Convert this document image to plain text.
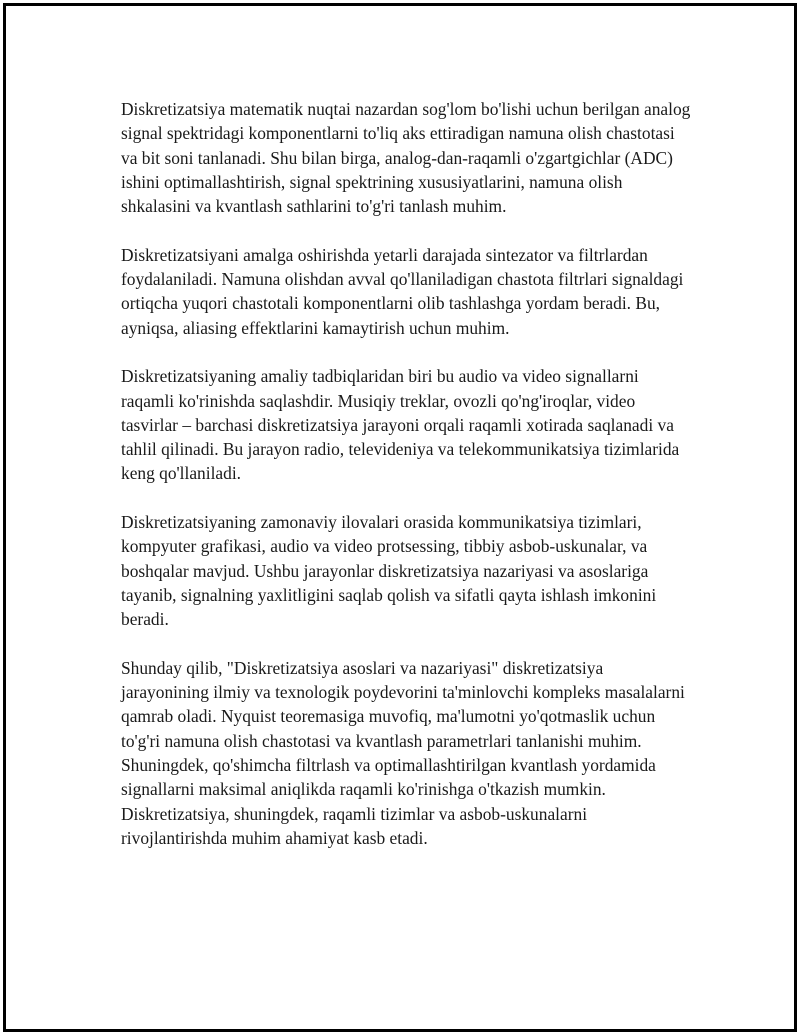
Diskretizatsiya matematik nuqtai nazardan sog'lom bo'lishi uchun berilgan analog signal spektridagi komponentlarni to'liq aks ettiradigan namuna olish chastotasi va bit soni tanlanadi. Shu bilan birga, analog-dan-raqamli o'zgartgichlar (ADC) ishini optimallashtirish, signal spektrining xususiyatlarini, namuna olish shkalasini va kvantlash sathlarini to'g'ri tanlash muhim.

Diskretizatsiyani amalga oshirishda yetarli darajada sintezator va filtrlardan foydalaniladi. Namuna olishdan avval qo'llaniladigan chastota filtrlari signaldagi ortiqcha yuqori chastotali komponentlarni olib tashlashga yordam beradi. Bu, ayniqsa, aliasing effektlarini kamaytirish uchun muhim.

Diskretizatsiyaning amaliy tadbiqlaridan biri bu audio va video signallarni raqamli ko'rinishda saqlashdir. Musiqiy treklar, ovozli qo'ng'iroqlar, video tasvirlar – barchasi diskretizatsiya jarayoni orqali raqamli xotirada saqlanadi va tahlil qilinadi. Bu jarayon radio, televideniya va telekommunikatsiya tizimlarida keng qo'llaniladi.

Diskretizatsiyaning zamonaviy ilovalari orasida kommunikatsiya tizimlari, kompyuter grafikasi, audio va video protsessing, tibbiy asbob-uskunalar, va boshqalar mavjud. Ushbu jarayonlar diskretizatsiya nazariyasi va asoslariga tayanib, signalning yaxlitligini saqlab qolish va sifatli qayta ishlash imkonini beradi.

Shunday qilib, "Diskretizatsiya asoslari va nazariyasi" diskretizatsiya jarayonining ilmiy va texnologik poydevorini ta'minlovchi kompleks masalalarni qamrab oladi. Nyquist teoremasiga muvofiq, ma'lumotni yo'qotmaslik uchun to'g'ri namuna olish chastotasi va kvantlash parametrlari tanlanishi muhim. Shuningdek, qo'shimcha filtrlash va optimallashtirilgan kvantlash yordamida signallarni maksimal aniqlikda raqamli ko'rinishga o'tkazish mumkin. Diskretizatsiya, shuningdek, raqamli tizimlar va asbob-uskunalarni rivojlantirishda muhim ahamiyat kasb etadi.
